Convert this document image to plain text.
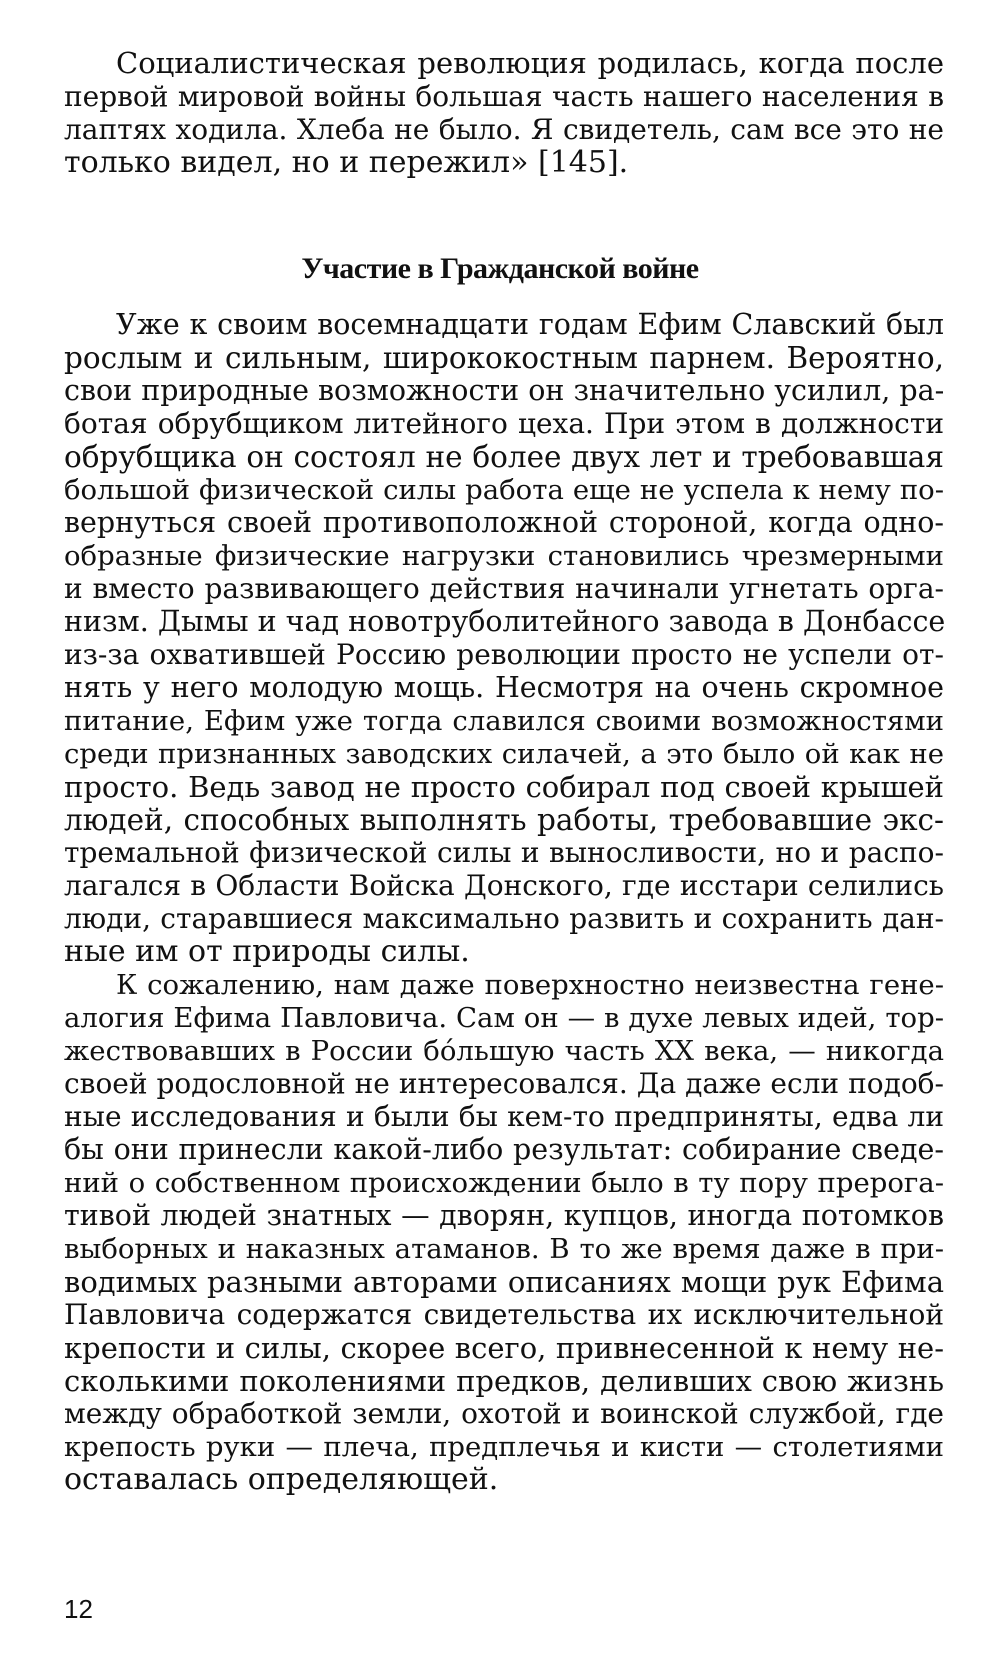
Социалистическая революция родилась, когда после
первой мировой войны большая часть нашего населения в
лаптях ходила. Хлеба не было. Я свидетель, сам все это не
только видел, но и пережил» [145].
Участие в Гражданской войне
Уже к своим восемнадцати годам Ефим Славский был
рослым и сильным, ширококостным парнем. Вероятно,
свои природные возможности он значительно усилил, ра-
ботая обрубщиком литейного цеха. При этом в должности
обрубщика он состоял не более двух лет и требовавшая
большой физической силы работа еще не успела к нему по-
вернуться своей противоположной стороной, когда одно-
образные физические нагрузки становились чрезмерными
и вместо развивающего действия начинали угнетать орга-
низм. Дымы и чад новотруболитейного завода в Донбассе
из-за охватившей Россию революции просто не успели от-
нять у него молодую мощь. Несмотря на очень скромное
питание, Ефим уже тогда славился своими возможностями
среди признанных заводских силачей, а это было ой как не
просто. Ведь завод не просто собирал под своей крышей
людей, способных выполнять работы, требовавшие экс-
тремальной физической силы и выносливости, но и распо-
лагался в Области Войска Донского, где исстари селились
люди, старавшиеся максимально развить и сохранить дан-
ные им от природы силы.
К сожалению, нам даже поверхностно неизвестна гене-
алогия Ефима Павловича. Сам он — в духе левых идей, тор-
жествовавших в России бóльшую часть XX века, — никогда
своей родословной не интересовался. Да даже если подоб-
ные исследования и были бы кем-то предприняты, едва ли
бы они принесли какой-либо результат: собирание сведе-
ний о собственном происхождении было в ту пору прерога-
тивой людей знатных — дворян, купцов, иногда потомков
выборных и наказных атаманов. В то же время даже в при-
водимых разными авторами описаниях мощи рук Ефима
Павловича содержатся свидетельства их исключительной
крепости и силы, скорее всего, привнесенной к нему не-
сколькими поколениями предков, деливших свою жизнь
между обработкой земли, охотой и воинской службой, где
крепость руки — плеча, предплечья и кисти — столетиями
оставалась определяющей.
12
